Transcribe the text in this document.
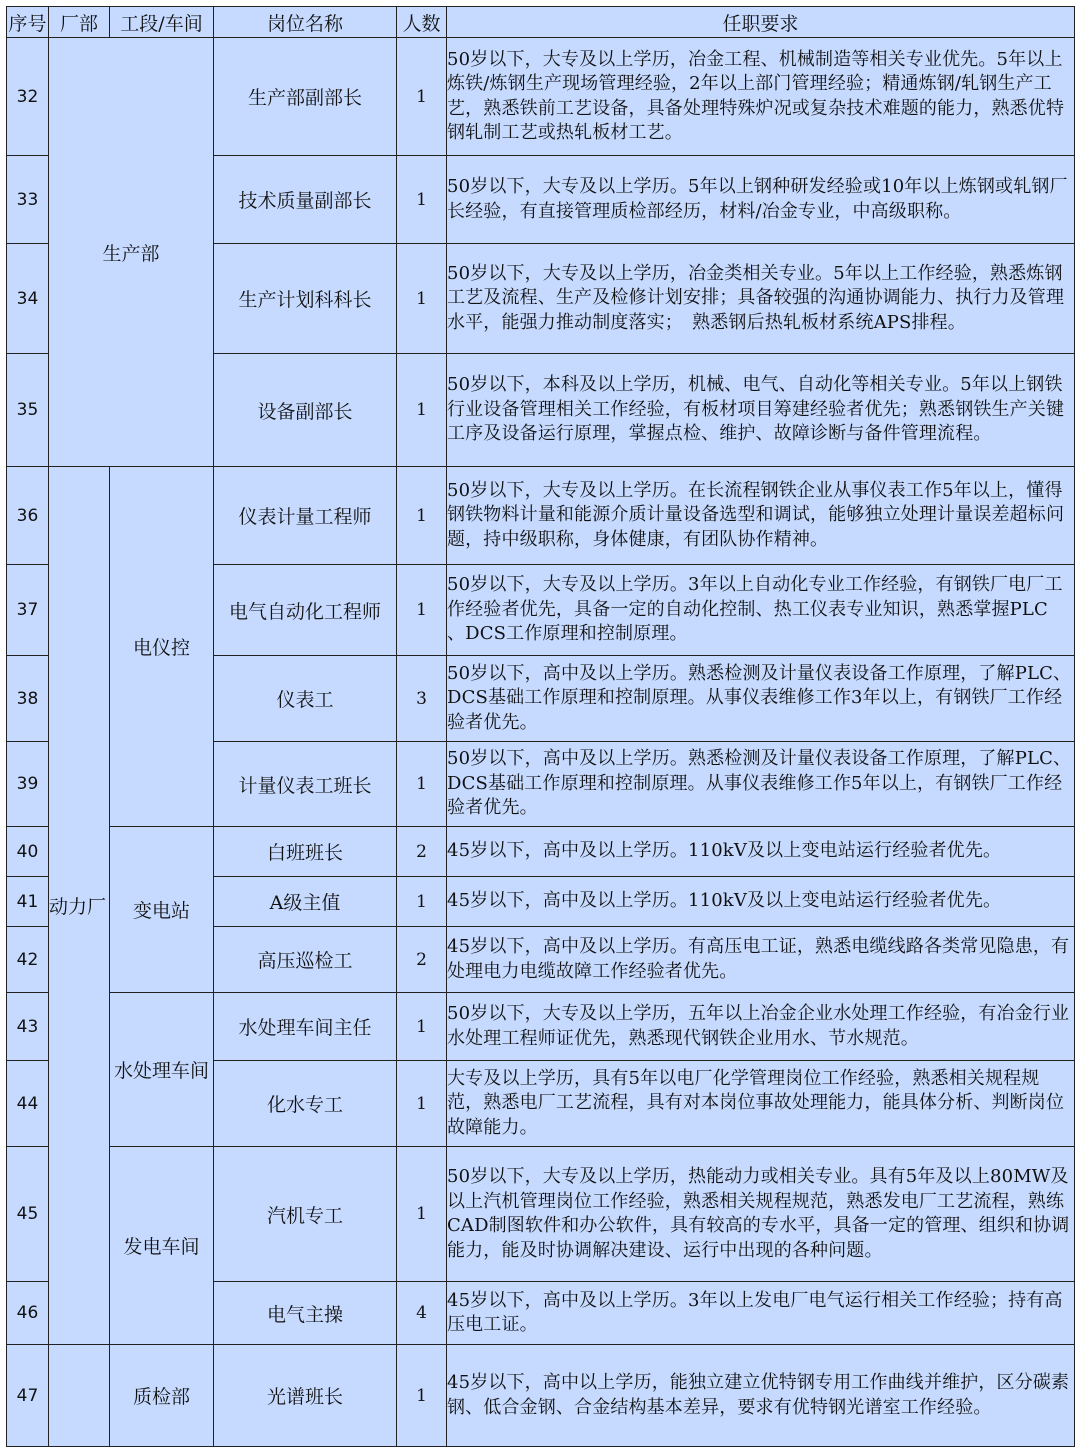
序号	厂部	工段/车间	岗位名称	人数	任职要求
32	生产部		生产部副部长	1	50岁以下，大专及以上学历，冶金工程、机械制造等相关专业优先。5年以上炼铁/炼钢生产现场管理经验，2年以上部门管理经验；精通炼钢/轧钢生产工艺，熟悉铁前工艺设备，具备处理特殊炉况或复杂技术难题的能力，熟悉优特钢轧制工艺或热轧板材工艺。
33			技术质量副部长	1	50岁以下，大专及以上学历。5年以上钢种研发经验或10年以上炼钢或轧钢厂长经验，有直接管理质检部经历，材料/冶金专业，中高级职称。
34			生产计划科科长	1	50岁以下，大专及以上学历，冶金类相关专业。5年以上工作经验，熟悉炼钢工艺及流程、生产及检修计划安排；具备较强的沟通协调能力、执行力及管理水平，能强力推动制度落实；　熟悉钢后热轧板材系统APS排程。
35			设备副部长	1	50岁以下，本科及以上学历，机械、电气、自动化等相关专业。5年以上钢铁行业设备管理相关工作经验，有板材项目筹建经验者优先；熟悉钢铁生产关键工序及设备运行原理，掌握点检、维护、故障诊断与备件管理流程。
36	动力厂	电仪控	仪表计量工程师	1	50岁以下，大专及以上学历。在长流程钢铁企业从事仪表工作5年以上，懂得钢铁物料计量和能源介质计量设备选型和调试，能够独立处理计量误差超标问题，持中级职称，身体健康，有团队协作精神。
37			电气自动化工程师	1	50岁以下，大专及以上学历。3年以上自动化专业工作经验，有钢铁厂电厂工作经验者优先，具备一定的自动化控制、热工仪表专业知识，熟悉掌握PLC　、DCS工作原理和控制原理。
38			仪表工	3	50岁以下，高中及以上学历。熟悉检测及计量仪表设备工作原理，了解PLC、DCS基础工作原理和控制原理。从事仪表维修工作3年以上，有钢铁厂工作经验者优先。
39			计量仪表工班长	1	50岁以下，高中及以上学历。熟悉检测及计量仪表设备工作原理，了解PLC、DCS基础工作原理和控制原理。从事仪表维修工作5年以上，有钢铁厂工作经验者优先。
40		变电站	白班班长	2	45岁以下，高中及以上学历。110kV及以上变电站运行经验者优先。
41			A级主值	1	45岁以下，高中及以上学历。110kV及以上变电站运行经验者优先。
42			高压巡检工	2	45岁以下，高中及以上学历。有高压电工证，熟悉电缆线路各类常见隐患，有处理电力电缆故障工作经验者优先。
43		水处理车间	水处理车间主任	1	50岁以下，大专及以上学历，五年以上冶金企业水处理工作经验，有冶金行业水处理工程师证优先，熟悉现代钢铁企业用水、节水规范。
44			化水专工	1	大专及以上学历，具有5年以电厂化学管理岗位工作经验，熟悉相关规程规范，熟悉电厂工艺流程，具有对本岗位事故处理能力，能具体分析、判断岗位故障能力。
45		发电车间	汽机专工	1	50岁以下，大专及以上学历，热能动力或相关专业。具有5年及以上80MW及以上汽机管理岗位工作经验，熟悉相关规程规范，熟悉发电厂工艺流程，熟练CAD制图软件和办公软件，具有较高的专水平，具备一定的管理、组织和协调能力，能及时协调解决建设、运行中出现的各种问题。
46			电气主操	4	45岁以下，高中及以上学历。3年以上发电厂电气运行相关工作经验；持有高压电工证。
47		质检部	光谱班长	1	45岁以下，高中以上学历，能独立建立优特钢专用工作曲线并维护，区分碳素钢、低合金钢、合金结构基本差异，要求有优特钢光谱室工作经验。
